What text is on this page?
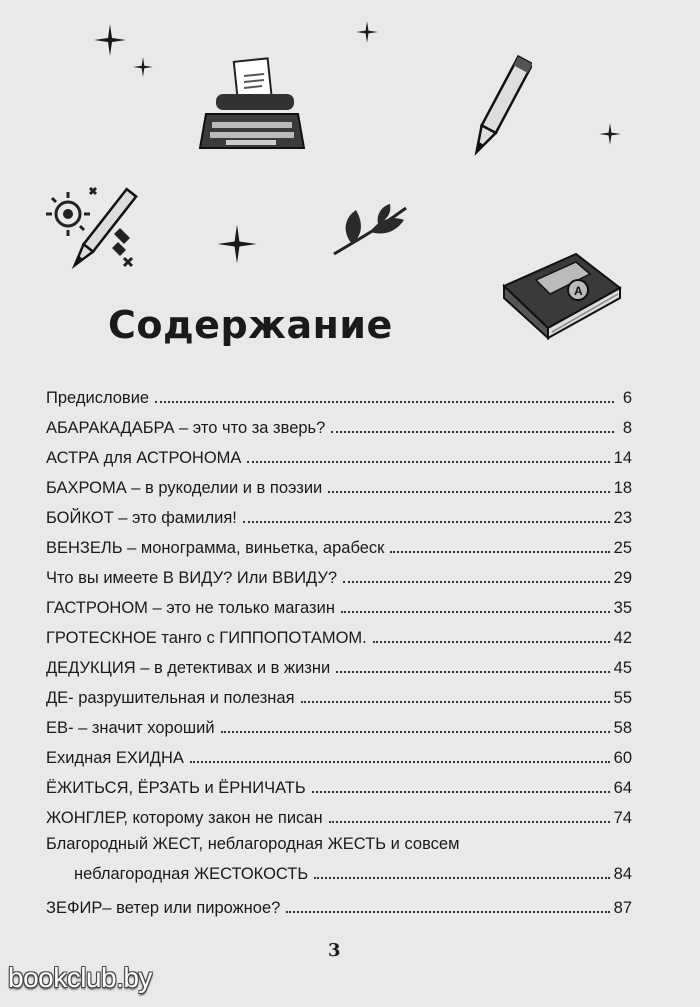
A
Содержание
Предисловие	6
АБАРАКАДАБРА – это что за зверь?	8
АСТРА для АСТРОНОМА	14
БАХРОМА – в рукоделии и в поэзии	18
БОЙКОТ – это фамилия!	23
ВЕНЗЕЛЬ – монограмма, виньетка, арабеск	25
Что вы имеете В ВИДУ? Или ВВИДУ?	29
ГАСТРОНОМ – это не только магазин	35
ГРОТЕСКНОЕ танго с ГИППОПОТАМОМ.	42
ДЕДУКЦИЯ – в детективах и в жизни	45
ДЕ- разрушительная и полезная	55
ЕВ- – значит хороший	58
Ехидная ЕХИДНА	60
ЁЖИТЬСЯ, ЁРЗАТЬ и ЁРНИЧАТЬ	64
ЖОНГЛЕР, которому закон не писан	74
Благородный ЖЕСТ, неблагородная ЖЕСТЬ и совсем
неблагородная ЖЕСТОКОСТЬ	84
ЗЕФИР– ветер или пирожное?	87
3
bookclub.by
